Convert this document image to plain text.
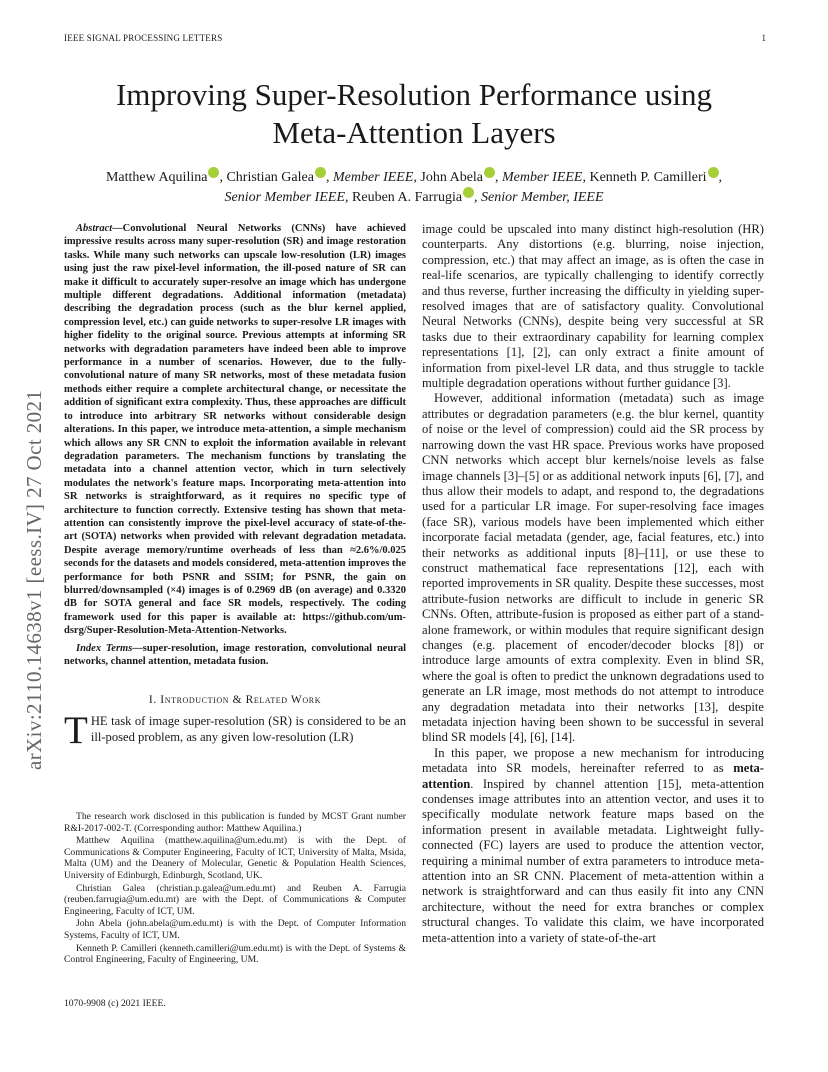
IEEE SIGNAL PROCESSING LETTERS	1
arXiv:2110.14638v1 [eess.IV] 27 Oct 2021
Improving Super-Resolution Performance using
Meta-Attention Layers
Matthew Aquilina , Christian Galea , Member IEEE, John Abela , Member IEEE, Kenneth P. Camilleri ,
Senior Member IEEE, Reuben A. Farrugia , Senior Member, IEEE

Abstract—Convolutional Neural Networks (CNNs) have achieved impressive results across many super-resolution (SR) and image restoration tasks. While many such networks can upscale low-resolution (LR) images using just the raw pixel-level information, the ill-posed nature of SR can make it difficult to accurately super-resolve an image which has undergone multiple different degradations. Additional information (metadata) describing the degradation process (such as the blur kernel applied, compression level, etc.) can guide networks to super-resolve LR images with higher fidelity to the original source. Previous attempts at informing SR networks with degradation parameters have indeed been able to improve performance in a number of scenarios. However, due to the fully-convolutional nature of many SR networks, most of these metadata fusion methods either require a complete architectural change, or necessitate the addition of significant extra complexity. Thus, these approaches are difficult to introduce into arbitrary SR networks without considerable design alterations. In this paper, we introduce meta-attention, a simple mechanism which allows any SR CNN to exploit the information available in relevant degradation parameters. The mechanism functions by translating the metadata into a channel attention vector, which in turn selectively modulates the network's feature maps. Incorporating meta-attention into SR networks is straightforward, as it requires no specific type of architecture to function correctly. Extensive testing has shown that meta-attention can consistently improve the pixel-level accuracy of state-of-the-art (SOTA) networks when provided with relevant degradation metadata. Despite average memory/runtime overheads of less than ≈2.6%/0.025 seconds for the datasets and models considered, meta-attention improves the performance for both PSNR and SSIM; for PSNR, the gain on blurred/downsampled (×4) images is of 0.2969 dB (on average) and 0.3320 dB for SOTA general and face SR models, respectively. The coding framework used for this paper is available at: https://github.com/um-dsrg/Super-Resolution-Meta-Attention-Networks.

Index Terms—super-resolution, image restoration, convolutional neural networks, channel attention, metadata fusion.

I. Introduction & Related Work

THE task of image super-resolution (SR) is considered to be an ill-posed problem, as any given low-resolution (LR)

The research work disclosed in this publication is funded by MCST Grant number R&I-2017-002-T. (Corresponding author: Matthew Aquilina.)

Matthew Aquilina (matthew.aquilina@um.edu.mt) is with the Dept. of Communications & Computer Engineering, Faculty of ICT, University of Malta, Msida, Malta (UM) and the Deanery of Molecular, Genetic & Population Health Sciences, University of Edinburgh, Edinburgh, Scotland, UK.

Christian Galea (christian.p.galea@um.edu.mt) and Reuben A. Farrugia (reuben.farrugia@um.edu.mt) are with the Dept. of Communications & Computer Engineering, Faculty of ICT, UM.

John Abela (john.abela@um.edu.mt) is with the Dept. of Computer Information Systems, Faculty of ICT, UM.

Kenneth P. Camilleri (kenneth.camilleri@um.edu.mt) is with the Dept. of Systems & Control Engineering, Faculty of Engineering, UM.

1070-9908 (c) 2021 IEEE.

image could be upscaled into many distinct high-resolution (HR) counterparts. Any distortions (e.g. blurring, noise injection, compression, etc.) that may affect an image, as is often the case in real-life scenarios, are typically challenging to identify correctly and thus reverse, further increasing the difficulty in yielding super-resolved images that are of satisfactory quality. Convolutional Neural Networks (CNNs), despite being very successful at SR tasks due to their extraordinary capability for learning complex representations [1], [2], can only extract a finite amount of information from pixel-level LR data, and thus struggle to tackle multiple degradation operations without further guidance [3].

However, additional information (metadata) such as image attributes or degradation parameters (e.g. the blur kernel, quantity of noise or the level of compression) could aid the SR process by narrowing down the vast HR space. Previous works have proposed CNN networks which accept blur kernels/noise levels as false image channels [3]–[5] or as additional network inputs [6], [7], and thus allow their models to adapt, and respond to, the degradations used for a particular LR image. For super-resolving face images (face SR), various models have been implemented which either incorporate facial metadata (gender, age, facial features, etc.) into their networks as additional inputs [8]–[11], or use these to construct mathematical face representations [12], each with reported improvements in SR quality. Despite these successes, most attribute-fusion networks are difficult to include in generic SR CNNs. Often, attribute-fusion is proposed as either part of a stand-alone framework, or within modules that require significant design changes (e.g. placement of encoder/decoder blocks [8]) or introduce large amounts of extra complexity. Even in blind SR, where the goal is often to predict the unknown degradations used to generate an LR image, most methods do not attempt to introduce any degradation metadata into their networks [13], despite metadata injection having been shown to be successful in several blind SR models [4], [6], [14].

In this paper, we propose a new mechanism for introducing metadata into SR models, hereinafter referred to as meta-attention. Inspired by channel attention [15], meta-attention condenses image attributes into an attention vector, and uses it to specifically modulate network feature maps based on the information present in available metadata. Lightweight fully-connected (FC) layers are used to produce the attention vector, requiring a minimal number of extra parameters to introduce meta-attention into an SR CNN. Placement of meta-attention within a network is straightforward and can thus easily fit into any CNN architecture, without the need for extra branches or complex structural changes. To validate this claim, we have incorporated meta-attention into a variety of state-of-the-art
